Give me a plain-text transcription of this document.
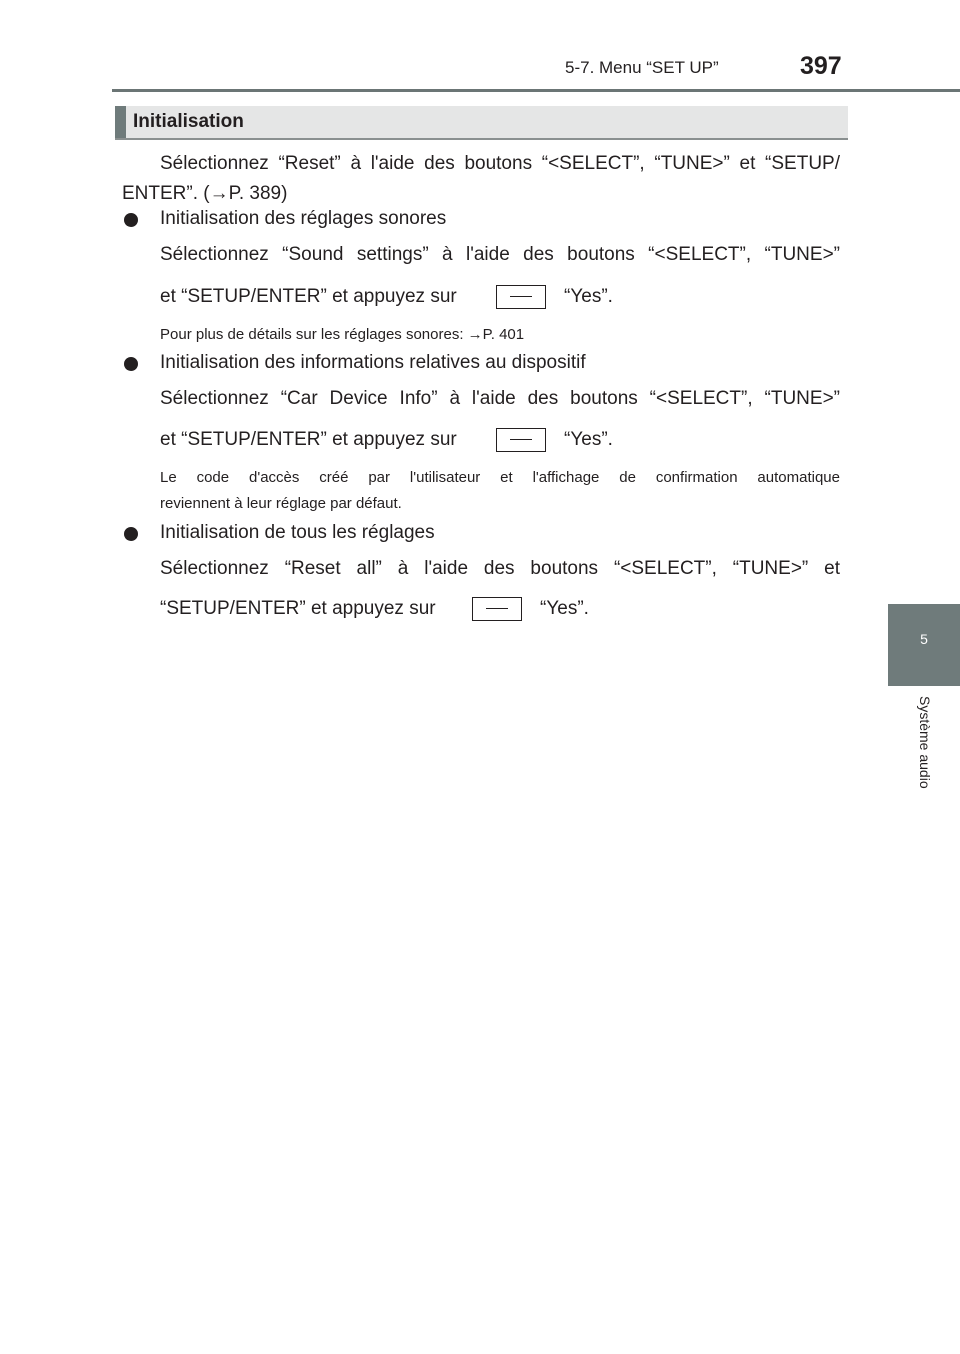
5-7. Menu “SET UP”	397
5
Système audio
Initialisation
Sélectionnez “Reset” à l'aide des boutons “<SELECT”, “TUNE>” et “SETUP/
ENTER”. (→P. 389)
Initialisation des réglages sonores
Sélectionnez “Sound settings” à l'aide des boutons “<SELECT”, “TUNE>”
et “SETUP/ENTER” et appuyez sur	“Yes”.
Pour plus de détails sur les réglages sonores: →P. 401
Initialisation des informations relatives au dispositif
Sélectionnez “Car Device Info” à l'aide des boutons “<SELECT”, “TUNE>”
et “SETUP/ENTER” et appuyez sur	“Yes”.
Le code d'accès créé par l'utilisateur et l'affichage de confirmation automatique
reviennent à leur réglage par défaut.
Initialisation de tous les réglages
Sélectionnez “Reset all” à l'aide des boutons “<SELECT”, “TUNE>” et
“SETUP/ENTER” et appuyez sur	“Yes”.
